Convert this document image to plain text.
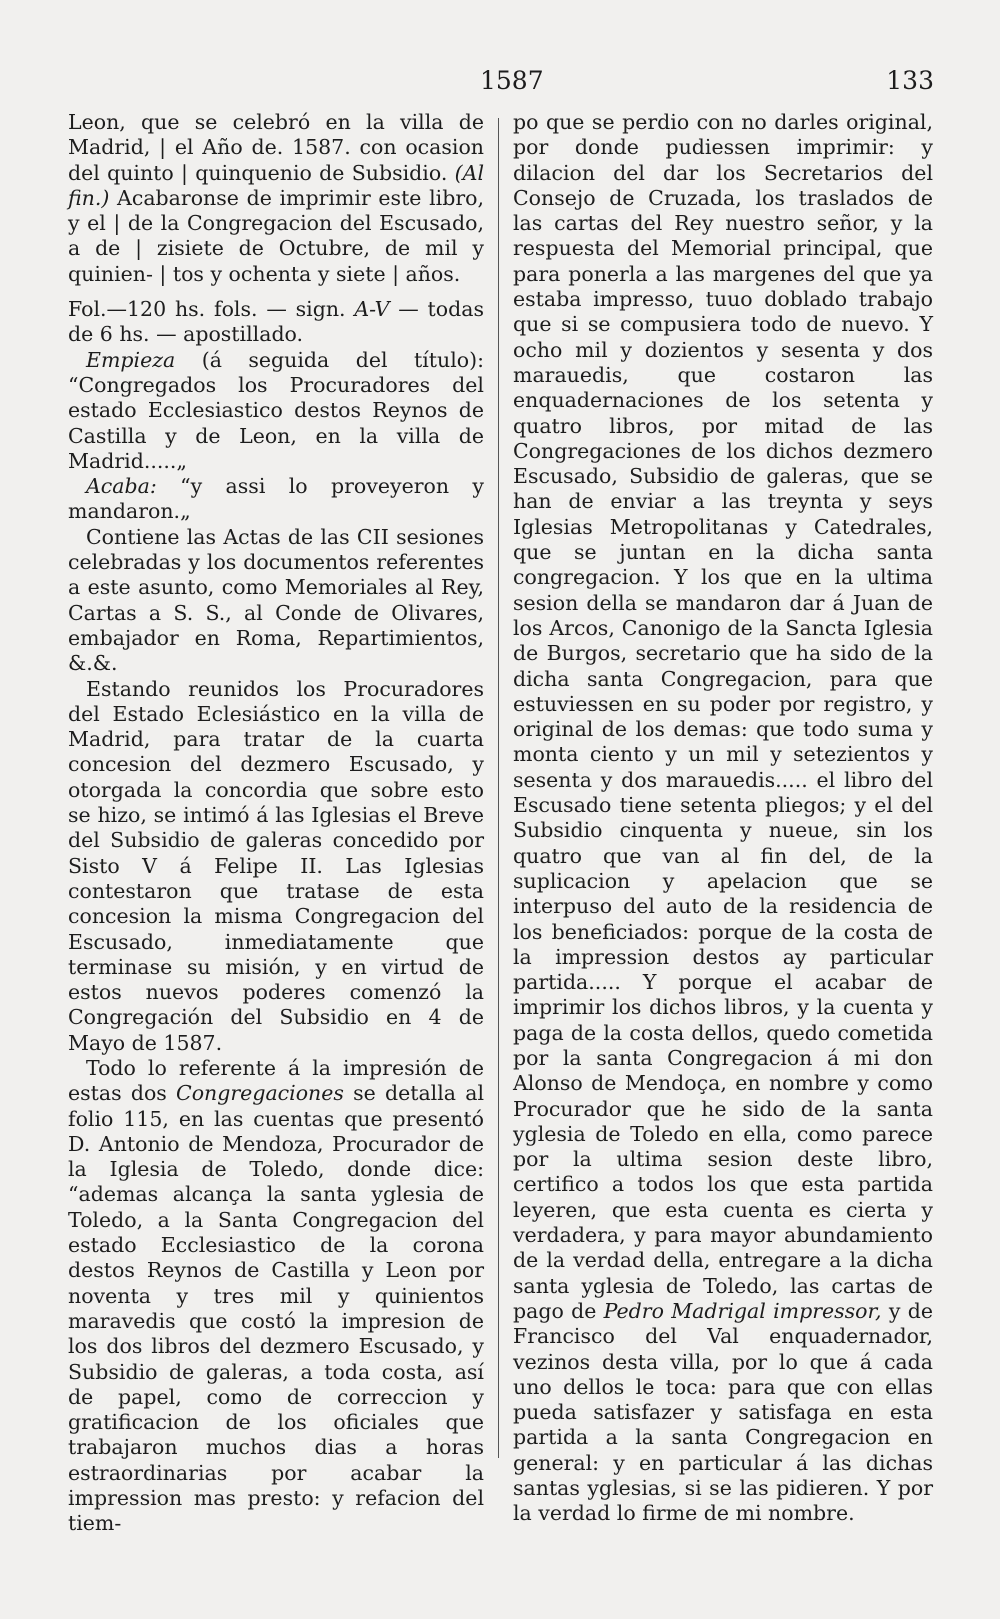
1587	133

Leon, que se celebró en la villa de Madrid, | el Año de. 1587. con ocasion del quinto | quinquenio de Subsidio. (Al fin.) Acabaronse de imprimir este libro, y el | de la Congregacion del Escusado, a de | zisiete de Octubre, de mil y quinien- | tos y ochenta y siete | años.

Fol.—120 hs. fols. — sign. A-V — todas de 6 hs. — apostillado.

Empieza (á seguida del título): “Congregados los Procuradores del estado Ecclesiastico destos Reynos de Castilla y de Leon, en la villa de Madrid.....„

Acaba: “y assi lo proveyeron y mandaron.„

Contiene las Actas de las CII sesiones celebradas y los documentos referentes a este asunto, como Memoriales al Rey, Cartas a S. S., al Conde de Olivares, embajador en Roma, Repartimientos, &.&.

Estando reunidos los Procuradores del Estado Eclesiástico en la villa de Madrid, para tratar de la cuarta concesion del dezmero Escusado, y otorgada la concordia que sobre esto se hizo, se intimó á las Iglesias el Breve del Subsidio de galeras concedido por Sisto V á Felipe II. Las Iglesias contestaron que tratase de esta concesion la misma Congregacion del Escusado, inmediatamente que terminase su misión, y en virtud de estos nuevos poderes comenzó la Congregación del Subsidio en 4 de Mayo de 1587.

Todo lo referente á la impresión de estas dos Congregaciones se detalla al folio 115, en las cuentas que presentó D. Antonio de Mendoza, Procurador de la Iglesia de Toledo, donde dice: “ademas alcança la santa yglesia de Toledo, a la Santa Congregacion del estado Ecclesiastico de la corona destos Reynos de Castilla y Leon por noventa y tres mil y quinientos maravedis que costó la impresion de los dos libros del dezmero Escusado, y Subsidio de galeras, a toda costa, así de papel, como de correccion y gratificacion de los oficiales que trabajaron muchos dias a horas estraordinarias por acabar la impression mas presto: y refacion del tiem-

po que se perdio con no darles original, por donde pudiessen imprimir: y dilacion del dar los Secretarios del Consejo de Cruzada, los traslados de las cartas del Rey nuestro señor, y la respuesta del Memorial principal, que para ponerla a las margenes del que ya estaba impresso, tuuo doblado trabajo que si se compusiera todo de nuevo. Y ocho mil y dozientos y sesenta y dos marauedis, que costaron las enquadernaciones de los setenta y quatro libros, por mitad de las Congregaciones de los dichos dezmero Escusado, Subsidio de galeras, que se han de enviar a las treynta y seys Iglesias Metropolitanas y Catedrales, que se juntan en la dicha santa congregacion. Y los que en la ultima sesion della se mandaron dar á Juan de los Arcos, Canonigo de la Sancta Iglesia de Burgos, secretario que ha sido de la dicha santa Congregacion, para que estuviessen en su poder por registro, y original de los demas: que todo suma y monta ciento y un mil y setezientos y sesenta y dos marauedis..... el libro del Escusado tiene setenta pliegos; y el del Subsidio cinquenta y nueue, sin los quatro que van al fin del, de la suplicacion y apelacion que se interpuso del auto de la residencia de los beneficiados: porque de la costa de la impression destos ay particular partida..... Y porque el acabar de imprimir los dichos libros, y la cuenta y paga de la costa dellos, quedo cometida por la santa Congregacion á mi don Alonso de Mendoça, en nombre y como Procurador que he sido de la santa yglesia de Toledo en ella, como parece por la ultima sesion deste libro, certifico a todos los que esta partida leyeren, que esta cuenta es cierta y verdadera, y para mayor abundamiento de la verdad della, entregare a la dicha santa yglesia de Toledo, las cartas de pago de Pedro Madrigal impressor, y de Francisco del Val enquadernador, vezinos desta villa, por lo que á cada uno dellos le toca: para que con ellas pueda satisfazer y satisfaga en esta partida a la santa Congregacion en general: y en particular á las dichas santas yglesias, si se las pidieren. Y por la verdad lo firme de mi nombre.
